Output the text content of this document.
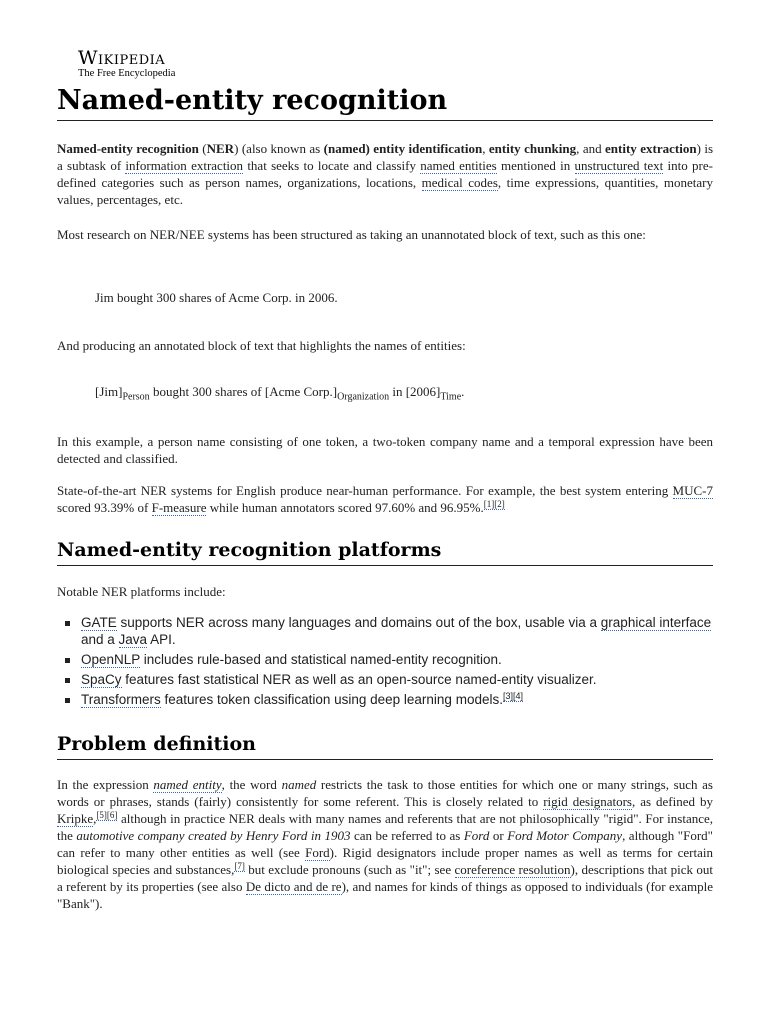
Wikipedia
The Free Encyclopedia
Named-entity recognition

Named-entity recognition (NER) (also known as (named) entity identification, entity chunking, and entity extraction) is a subtask of information extraction that seeks to locate and classify named entities mentioned in unstructured text into pre-defined categories such as person names, organizations, locations, medical codes, time expressions, quantities, monetary values, percentages, etc.

Most research on NER/NEE systems has been structured as taking an unannotated block of text, such as this one:

Jim bought 300 shares of Acme Corp. in 2006.

And producing an annotated block of text that highlights the names of entities:

$[Jim]_{Person}$ bought 300 shares of [Acme $Corp.]_{Organization}$ in $[2006]_{Time}$.

In this example, a person name consisting of one token, a two-token company name and a temporal expression have been detected and classified.

State-of-the-art NER systems for English produce near-human performance. For example, the best system entering MUC-7 scored 93.39% of F-measure while human annotators scored 97.60% and 96.95%.[1][2]

Named-entity recognition platforms

Notable NER platforms include:

GATE supports NER across many languages and domains out of the box, usable via a graphical interface and a Java API.
OpenNLP includes rule-based and statistical named-entity recognition.
SpaCy features fast statistical NER as well as an open-source named-entity visualizer.
Transformers features token classification using deep learning models.[3][4]
Problem definition

In the expression named entity, the word named restricts the task to those entities for which one or many strings, such as words or phrases, stands (fairly) consistently for some referent. This is closely related to rigid designators, as defined by Kripke,[5][6] although in practice NER deals with many names and referents that are not philosophically "rigid". For instance, the automotive company created by Henry Ford in 1903 can be referred to as Ford or Ford Motor Company, although "Ford" can refer to many other entities as well (see Ford). Rigid designators include proper names as well as terms for certain biological species and substances,[7] but exclude pronouns (such as "it"; see coreference resolution), descriptions that pick out a referent by its properties (see also De dicto and de re), and names for kinds of things as opposed to individuals (for example "Bank").
